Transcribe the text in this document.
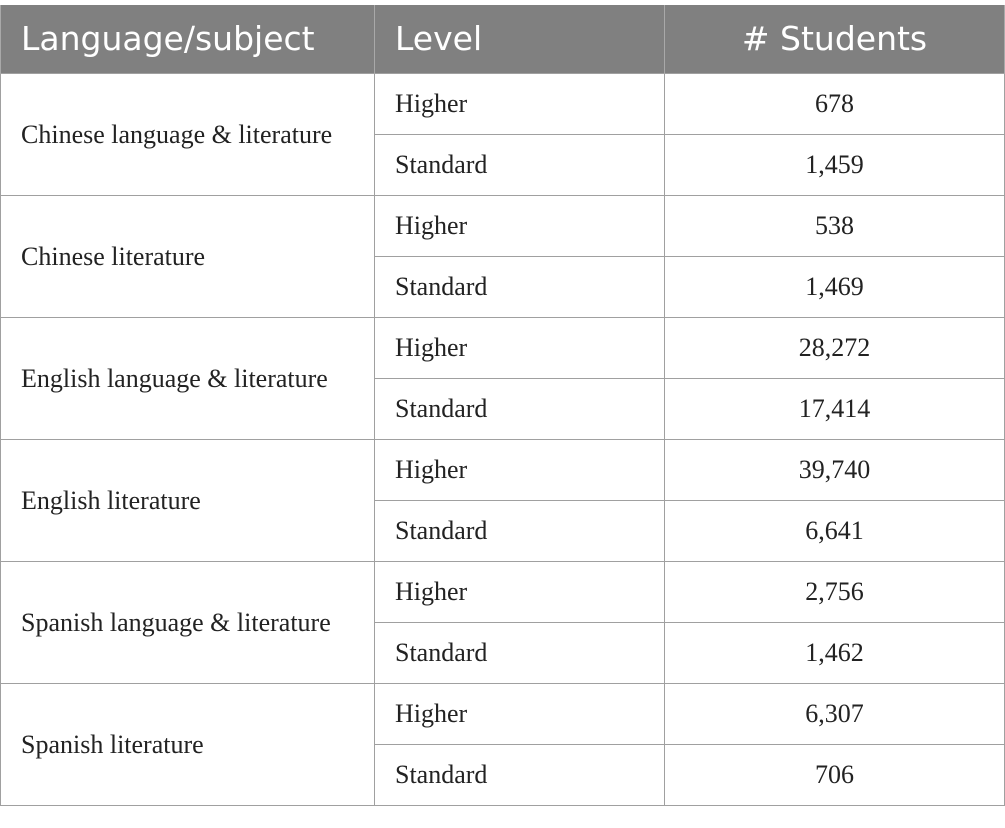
Language/subject	Level	# Students
Chinese language & literature	Higher	678
	Standard	1,459
Chinese literature	Higher	538
	Standard	1,469
English language & literature	Higher	28,272
	Standard	17,414
English literature	Higher	39,740
	Standard	6,641
Spanish language & literature	Higher	2,756
	Standard	1,462
Spanish literature	Higher	6,307
	Standard	706
